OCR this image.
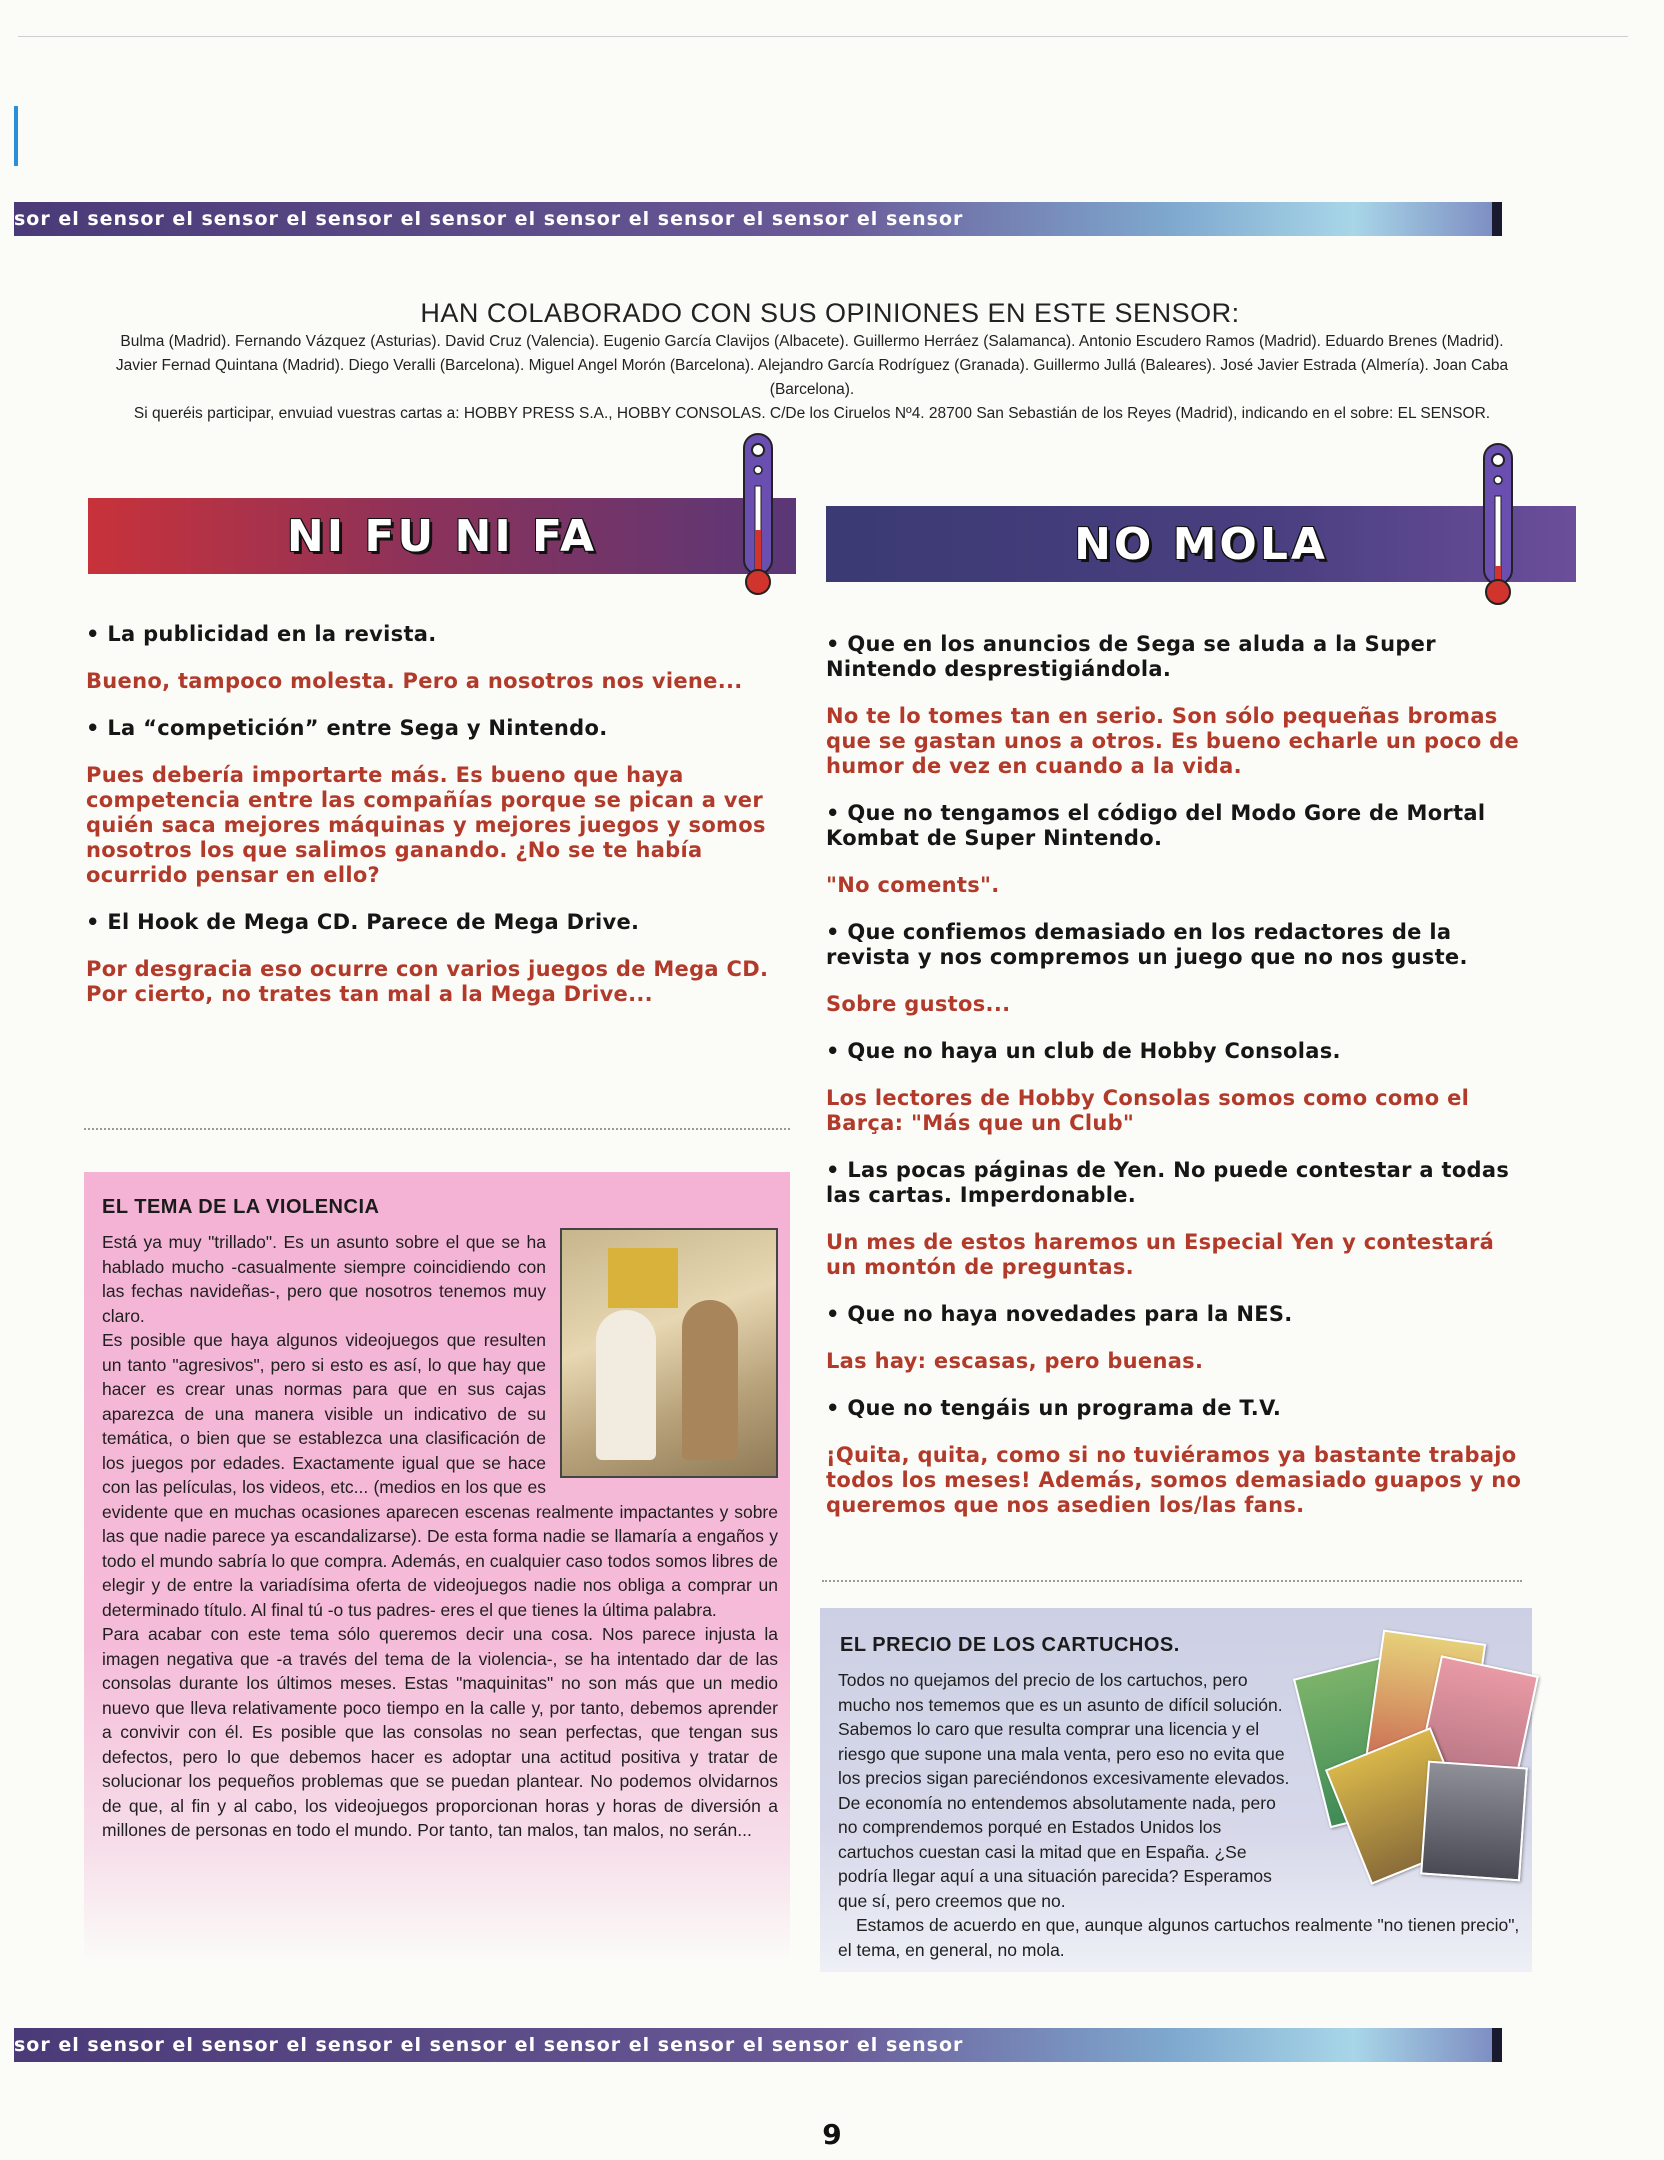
sor el sensor el sensor el sensor el sensor el sensor el sensor el sensor el sensor
HAN COLABORADO CON SUS OPINIONES EN ESTE SENSOR:
Bulma (Madrid). Fernando Vázquez (Asturias). David Cruz (Valencia). Eugenio García Clavijos (Albacete). Guillermo Herráez (Salamanca). Antonio Escudero Ramos (Madrid). Eduardo Brenes (Madrid). Javier Fernad Quintana (Madrid). Diego Veralli (Barcelona). Miguel Angel Morón (Barcelona). Alejandro García Rodríguez (Granada). Guillermo Jullá (Baleares). José Javier Estrada (Almería). Joan Caba (Barcelona).
Si queréis participar, envuiad vuestras cartas a: HOBBY PRESS S.A., HOBBY CONSOLAS. C/De los Ciruelos Nº4. 28700 San Sebastián de los Reyes (Madrid), indicando en el sobre: EL SENSOR.
NI FU NI FA	NO MOLA

• La publicidad en la revista.

Bueno, tampoco molesta. Pero a nosotros nos viene...

• La “competición” entre Sega y Nintendo.

Pues debería importarte más. Es bueno que haya competencia entre las compañías porque se pican a ver quién saca mejores máquinas y mejores juegos y somos nosotros los que salimos ganando. ¿No se te había ocurrido pensar en ello?

• El Hook de Mega CD. Parece de Mega Drive.

Por desgracia eso ocurre con varios juegos de Mega CD. Por cierto, no trates tan mal a la Mega Drive...

• Que en los anuncios de Sega se aluda a la Super Nintendo desprestigiándola.

No te lo tomes tan en serio. Son sólo pequeñas bromas que se gastan unos a otros. Es bueno echarle un poco de humor de vez en cuando a la vida.

• Que no tengamos el código del Modo Gore de Mortal Kombat de Super Nintendo.

"No coments".

• Que confiemos demasiado en los redactores de la revista y nos compremos un juego que no nos guste.

Sobre gustos...

• Que no haya un club de Hobby Consolas.

Los lectores de Hobby Consolas somos como como el Barça: "Más que un Club"

• Las pocas páginas de Yen. No puede contestar a todas las cartas. Imperdonable.

Un mes de estos haremos un Especial Yen y contestará un montón de preguntas.

• Que no haya novedades para la NES.

Las hay: escasas, pero buenas.

• Que no tengáis un programa de T.V.

¡Quita, quita, como si no tuviéramos ya bastante trabajo todos los meses! Además, somos demasiado guapos y no queremos que nos asedien los/las fans.

EL TEMA DE LA VIOLENCIA

Está ya muy "trillado". Es un asunto sobre el que se ha hablado mucho -casualmente siempre coincidiendo con las fechas navideñas-, pero que nosotros tenemos muy claro.

Es posible que haya algunos videojuegos que resulten un tanto "agresivos", pero si esto es así, lo que hay que hacer es crear unas normas para que en sus cajas aparezca de una manera visible un indicativo de su temática, o bien que se establezca una clasificación de los juegos por edades. Exactamente igual que se hace con las películas, los videos, etc... (medios en los que es evidente que en muchas ocasiones aparecen escenas realmente impactantes y sobre las que nadie parece ya escandalizarse). De esta forma nadie se llamaría a engaños y todo el mundo sabría lo que compra. Además, en cualquier caso todos somos libres de elegir y de entre la variadísima oferta de videojuegos nadie nos obliga a comprar un determinado título. Al final tú -o tus padres- eres el que tienes la última palabra.

Para acabar con este tema sólo queremos decir una cosa. Nos parece injusta la imagen negativa que -a través del tema de la violencia-, se ha intentado dar de las consolas durante los últimos meses. Estas "maquinitas" no son más que un medio nuevo que lleva relativamente poco tiempo en la calle y, por tanto, debemos aprender a convivir con él. Es posible que las consolas no sean perfectas, que tengan sus defectos, pero lo que debemos hacer es adoptar una actitud positiva y tratar de solucionar los pequeños problemas que se puedan plantear. No podemos olvidarnos de que, al fin y al cabo, los videojuegos proporcionan horas y horas de diversión a millones de personas en todo el mundo. Por tanto, tan malos, tan malos, no serán...

EL PRECIO DE LOS CARTUCHOS.

Todos no quejamos del precio de los cartuchos, pero mucho nos tememos que es un asunto de difícil solución. Sabemos lo caro que resulta comprar una licencia y el riesgo que supone una mala venta, pero eso no evita que los precios sigan pareciéndonos excesivamente elevados. De economía no entendemos absolutamente nada, pero no comprendemos porqué en Estados Unidos los cartuchos cuestan casi la mitad que en España. ¿Se podría llegar aquí a una situación parecida? Esperamos que sí, pero creemos que no.

Estamos de acuerdo en que, aunque algunos cartuchos realmente "no tienen precio", el tema, en general, no mola.

sor el sensor el sensor el sensor el sensor el sensor el sensor el sensor el sensor
9
